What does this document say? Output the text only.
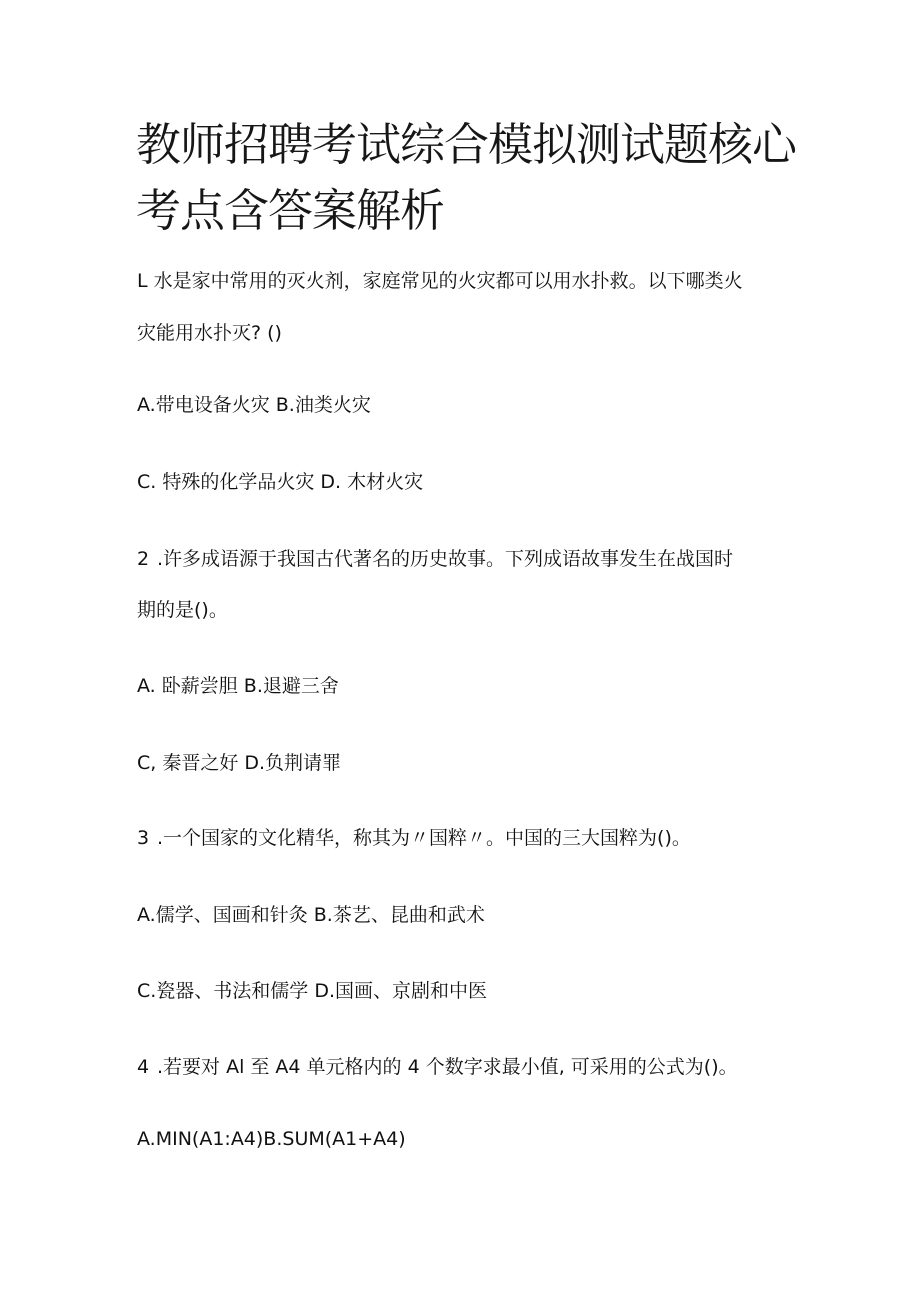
教师招聘考试综合模拟测试题核心
考点含答案解析
L 水是家中常用的灭火剂，家庭常见的火灾都可以用水扑救。以下哪类火
灾能用水扑灭? ()
A.带电设备火灾 B.油类火灾
C. 特殊的化学品火灾 D. 木材火灾
2 .许多成语源于我国古代著名的历史故事。下列成语故事发生在战国时
期的是()。
A. 卧薪尝胆 B.退避三舍
C, 秦晋之好 D.负荆请罪
3 .一个国家的文化精华，称其为〃国粹〃。中国的三大国粹为()。
A.儒学、国画和针灸 B.茶艺、昆曲和武术
C.瓷器、书法和儒学 D.国画、京剧和中医
4 .若要对 Al 至 A4 单元格内的 4 个数字求最小值, 可采用的公式为()。
A.MIN(A1:A4)B.SUM(A1+A4)
